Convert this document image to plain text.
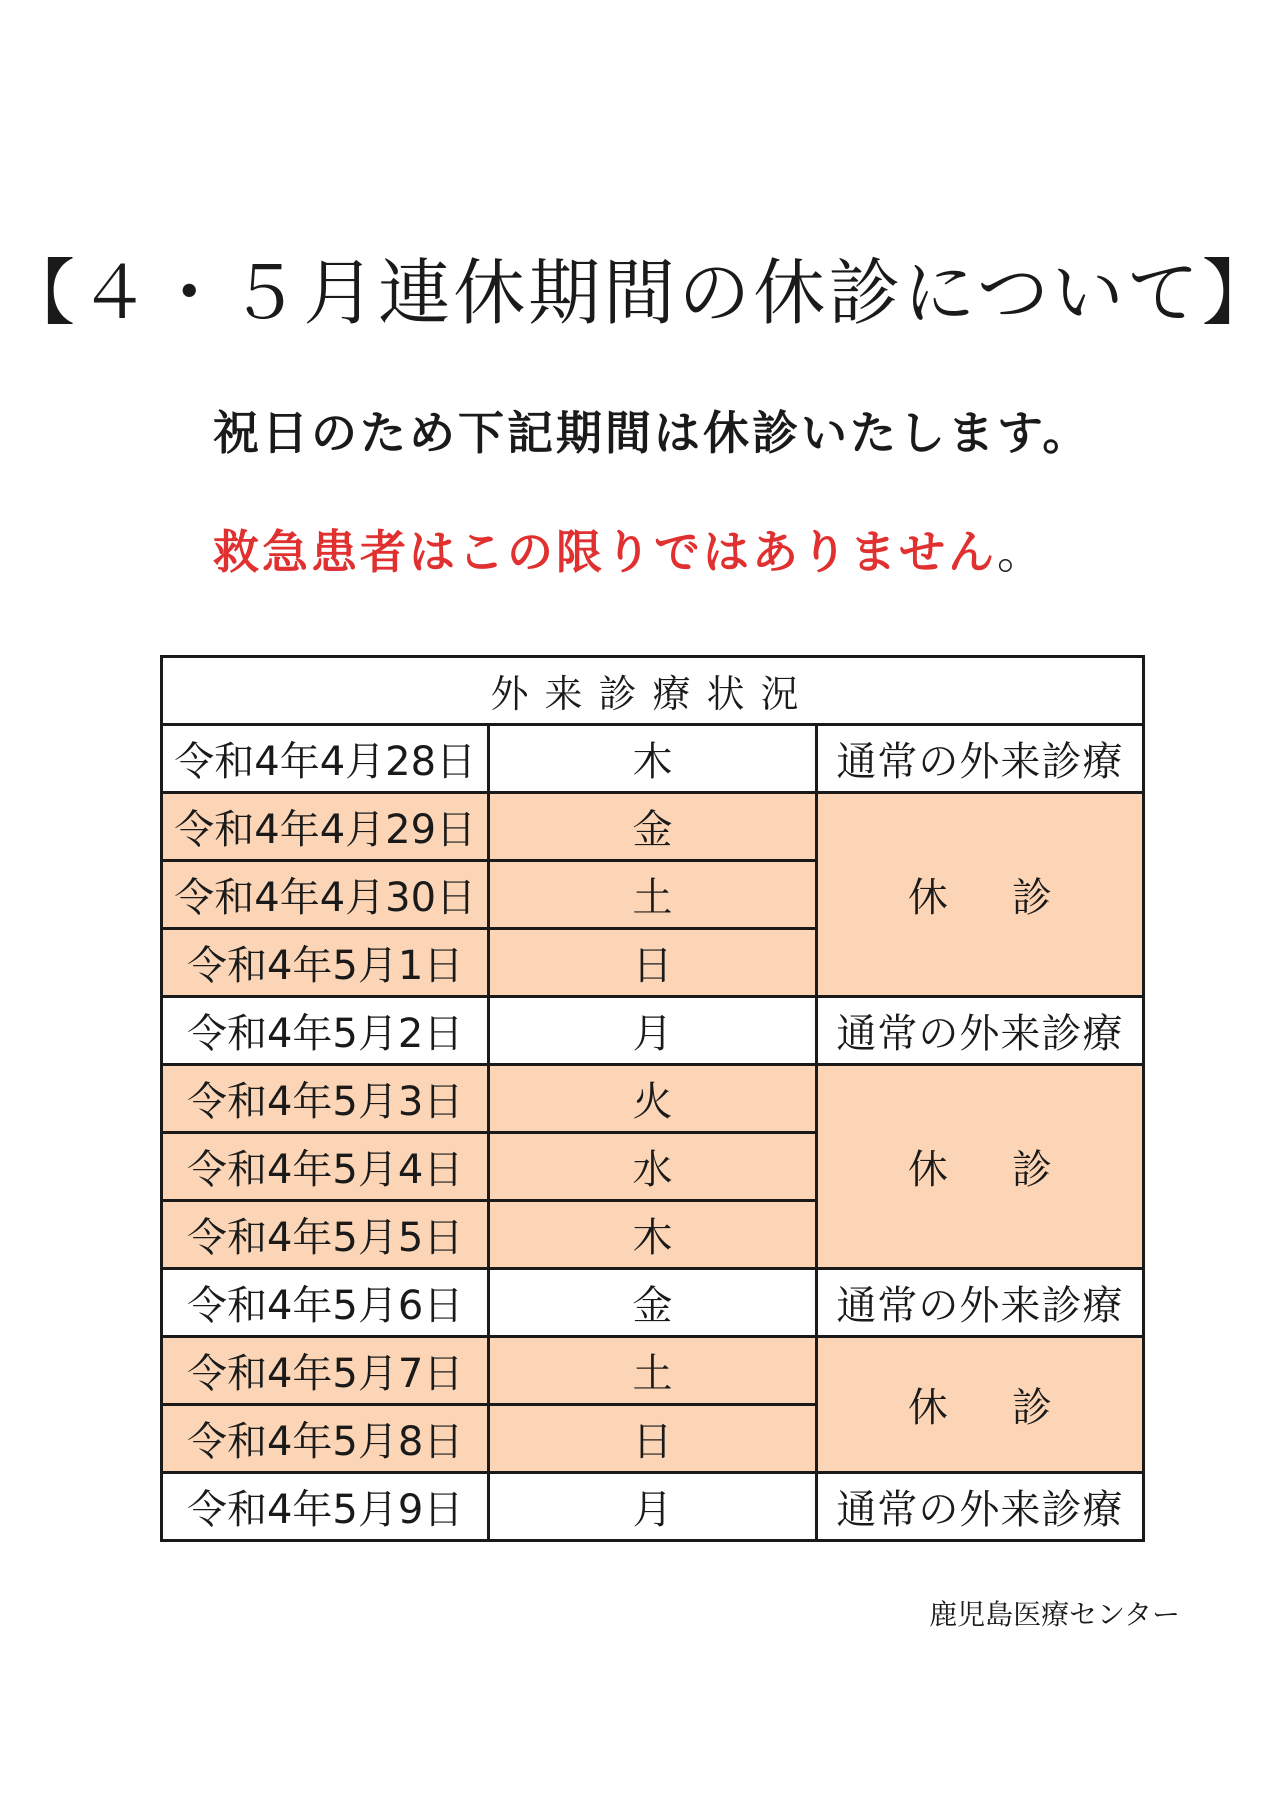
【４・５月連休期間の休診について】
祝日のため下記期間は休診いたします。
救急患者はこの限りではありません。
外来診療状況		
令和4年4月28日	木	通常の外来診療
令和4年4月29日	金	休診
令和4年4月30日	土	
令和4年5月1日	日	
令和4年5月2日	月	通常の外来診療
令和4年5月3日	火	休診
令和4年5月4日	水	
令和4年5月5日	木	
令和4年5月6日	金	通常の外来診療
令和4年5月7日	土	休診
令和4年5月8日	日	
令和4年5月9日	月	通常の外来診療
鹿児島医療センター
